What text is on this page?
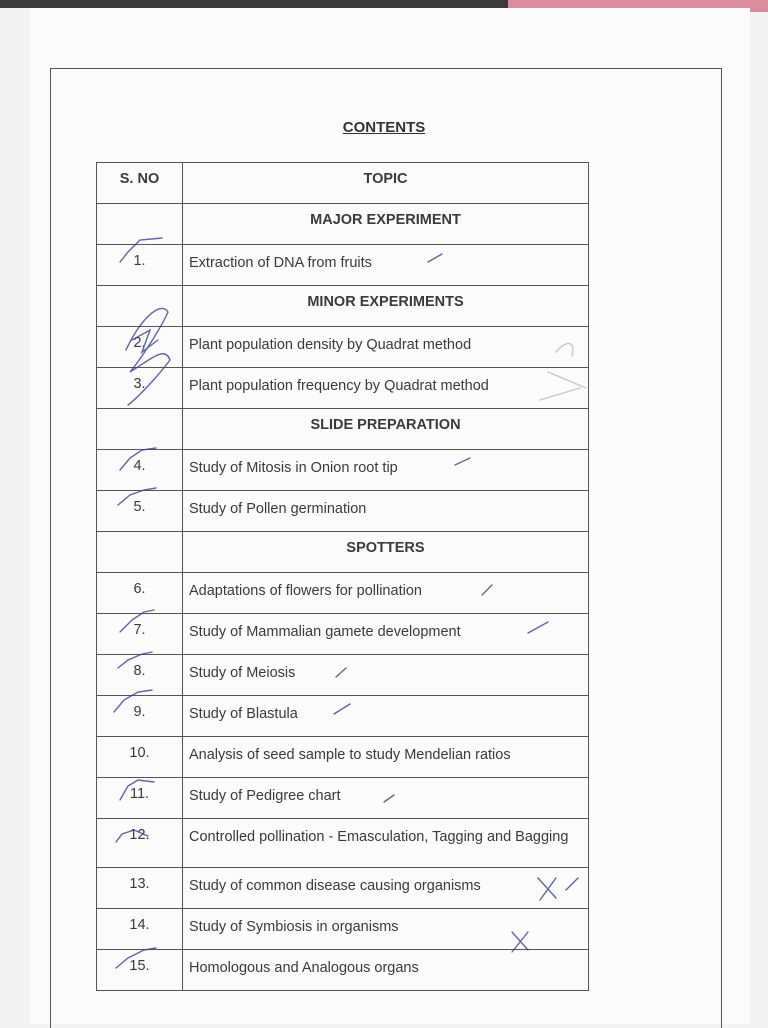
CONTENTS
S. NO	TOPIC
	MAJOR EXPERIMENT
1.	Extraction of DNA from fruits
	MINOR EXPERIMENTS
2.	Plant population density by Quadrat method
3.	Plant population frequency by Quadrat method
	SLIDE PREPARATION
4.	Study of Mitosis in Onion root tip
5.	Study of Pollen germination
	SPOTTERS
6.	Adaptations of flowers for pollination
7.	Study of Mammalian gamete development
8.	Study of Meiosis
9.	Study of Blastula
10.	Analysis of seed sample to study Mendelian ratios
11.	Study of Pedigree chart
12.	Controlled pollination - Emasculation, Tagging and Bagging
13.	Study of common disease causing organisms
14.	Study of Symbiosis in organisms
15.	Homologous and Analogous organs
